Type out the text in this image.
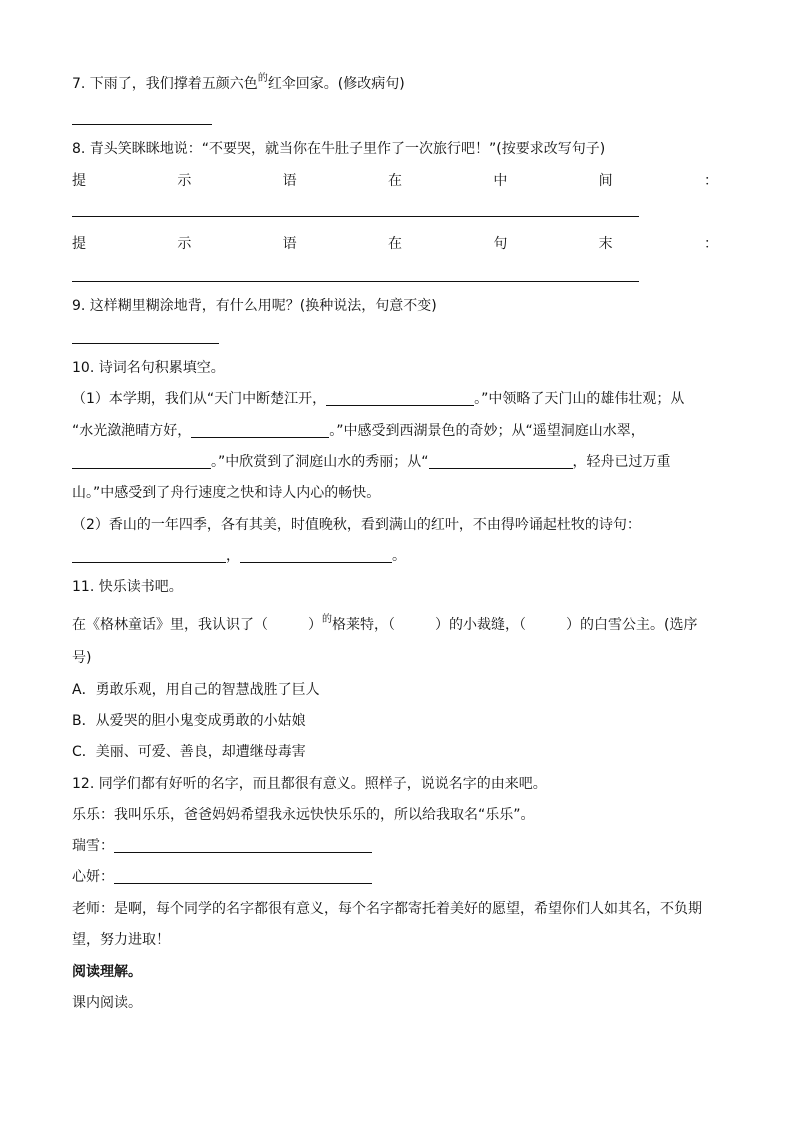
7. 下雨了，我们撑着五颜六色$^的$红伞回家。(修改病句)
8. 青头笑眯眯地说：“不要哭，就当你在牛肚子里作了一次旅行吧！”(按要求改写句子)
提	示	语	在	中	间	：
提	示	语	在	句	末	：
9. 这样糊里糊涂地背，有什么用呢？(换种说法，句意不变)
10. 诗词名句积累填空。
（1）本学期，我们从“天门中断楚江开，	。”中领略了天门山的雄伟壮观；从
“水光潋滟晴方好，	。”中感受到西湖景色的奇妙；从“遥望洞庭山水翠，
。”中欣赏到了洞庭山水的秀丽；从“	，轻舟已过万重
山。”中感受到了舟行速度之快和诗人内心的畅快。
（2）香山的一年四季，各有其美，时值晚秋，看到满山的红叶，不由得吟诵起杜牧的诗句：
，	。
11. 快乐读书吧。
在《格林童话》里，我认识了（	）$^的$格莱特，（	）的小裁缝，（	）的白雪公主。(选序
号)
A．勇敢乐观，用自己的智慧战胜了巨人
B．从爱哭的胆小鬼变成勇敢的小姑娘
C．美丽、可爱、善良，却遭继母毒害
12. 同学们都有好听的名字，而且都很有意义。照样子，说说名字的由来吧。
乐乐：我叫乐乐，爸爸妈妈希望我永远快快乐乐的，所以给我取名“乐乐”。
瑞雪：
心妍：
老师：是啊，每个同学的名字都很有意义，每个名字都寄托着美好的愿望，希望你们人如其名，不负期
望，努力进取！
阅读理解。
课内阅读。
